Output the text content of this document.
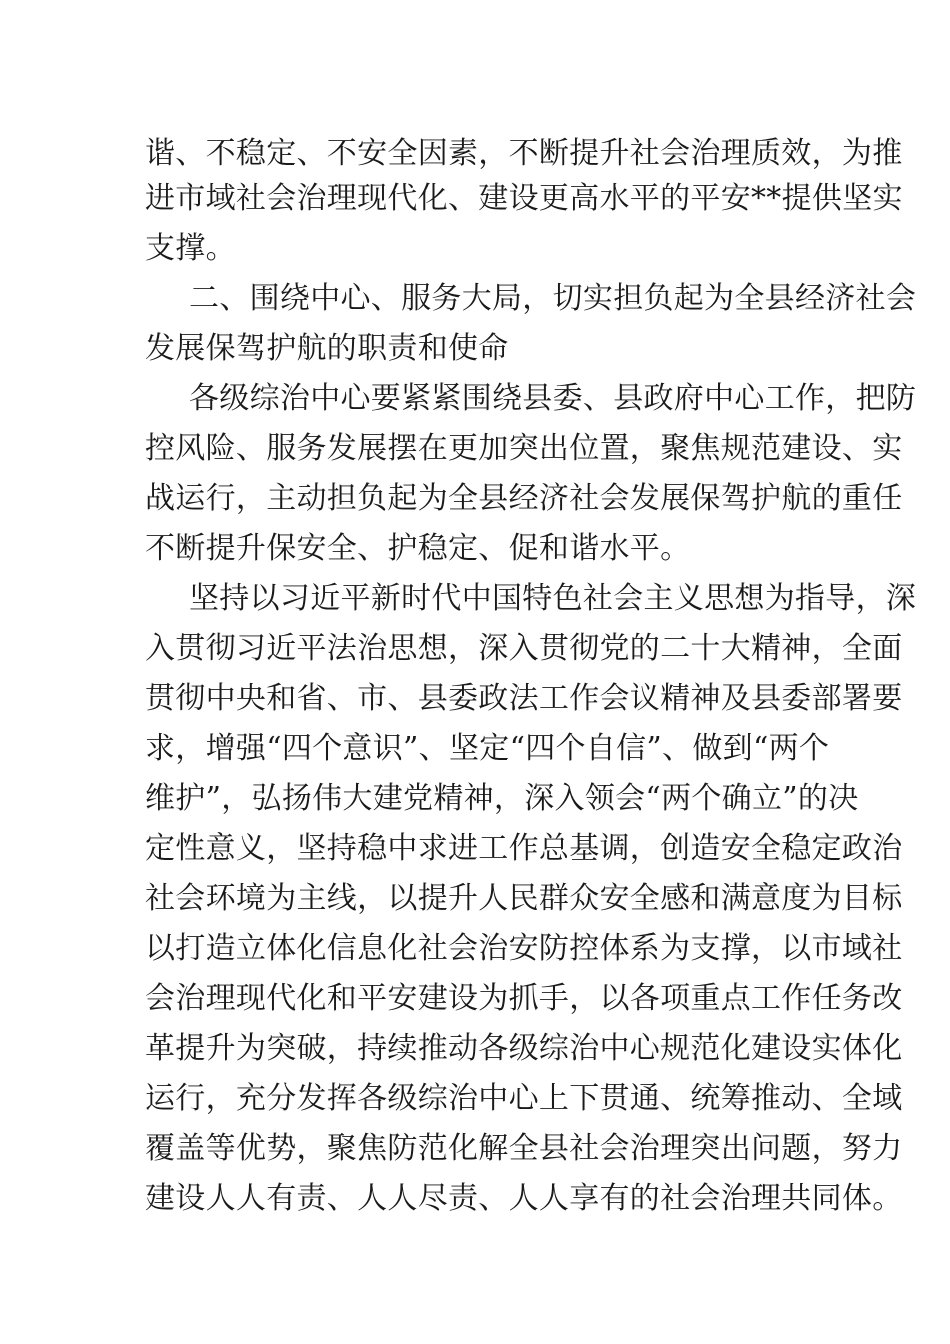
谐、不稳定、不安全因素，不断提升社会治理质效，为推
进市域社会治理现代化、建设更高水平的平安**提供坚实
支撑。
二、围绕中心、服务大局，切实担负起为全县经济社会
发展保驾护航的职责和使命
各级综治中心要紧紧围绕县委、县政府中心工作，把防
控风险、服务发展摆在更加突出位置，聚焦规范建设、实
战运行，主动担负起为全县经济社会发展保驾护航的重任
不断提升保安全、护稳定、促和谐水平。
坚持以习近平新时代中国特色社会主义思想为指导，深
入贯彻习近平法治思想，深入贯彻党的二十大精神，全面
贯彻中央和省、市、县委政法工作会议精神及县委部署要
求，增强“四个意识”、坚定“四个自信”、做到“两个
维护”，弘扬伟大建党精神，深入领会“两个确立”的决
定性意义，坚持稳中求进工作总基调，创造安全稳定政治
社会环境为主线，以提升人民群众安全感和满意度为目标
以打造立体化信息化社会治安防控体系为支撑，以市域社
会治理现代化和平安建设为抓手，以各项重点工作任务改
革提升为突破，持续推动各级综治中心规范化建设实体化
运行，充分发挥各级综治中心上下贯通、统筹推动、全域
覆盖等优势，聚焦防范化解全县社会治理突出问题，努力
建设人人有责、人人尽责、人人享有的社会治理共同体。
